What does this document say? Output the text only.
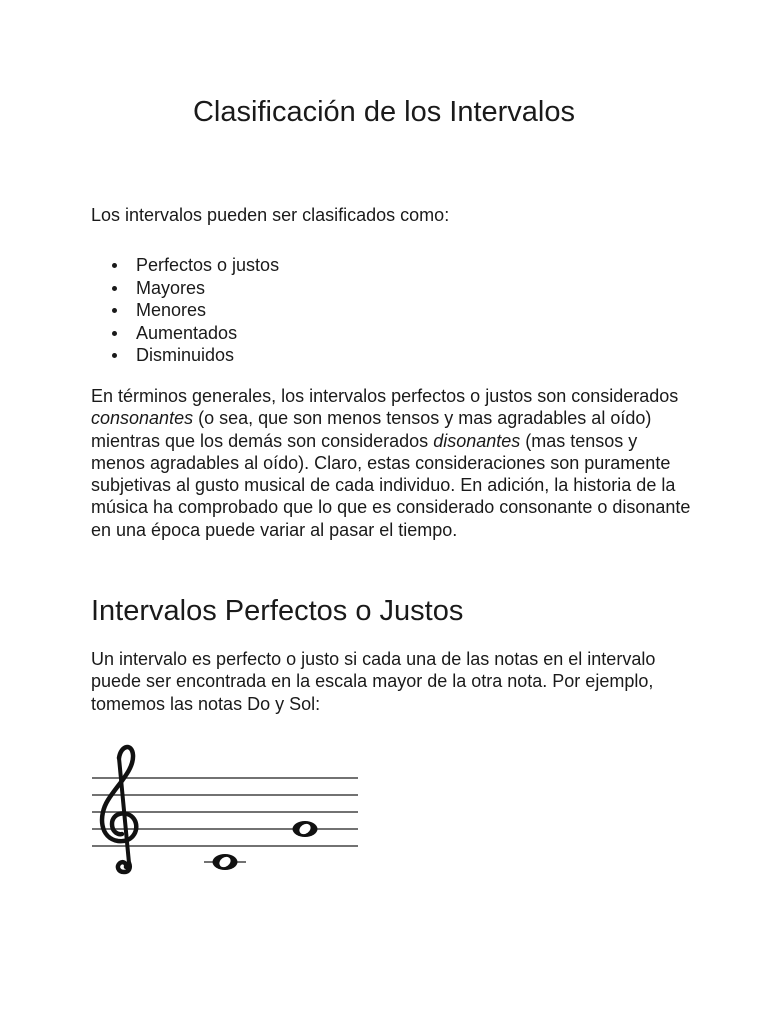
Clasificación de los Intervalos

Los intervalos pueden ser clasificados como:

Perfectos o justos
Mayores
Menores
Aumentados
Disminuidos

En términos generales, los intervalos perfectos o justos son considerados consonantes (o sea, que son menos tensos y mas agradables al oído) mientras que los demás son considerados disonantes (mas tensos y menos agradables al oído). Claro, estas consideraciones son puramente subjetivas al gusto musical de cada individuo. En adición, la historia de la música ha comprobado que lo que es considerado consonante o disonante en una época puede variar al pasar el tiempo.

Intervalos Perfectos o Justos

Un intervalo es perfecto o justo si cada una de las notas en el intervalo puede ser encontrada en la escala mayor de la otra nota. Por ejemplo, tomemos las notas Do y Sol:
